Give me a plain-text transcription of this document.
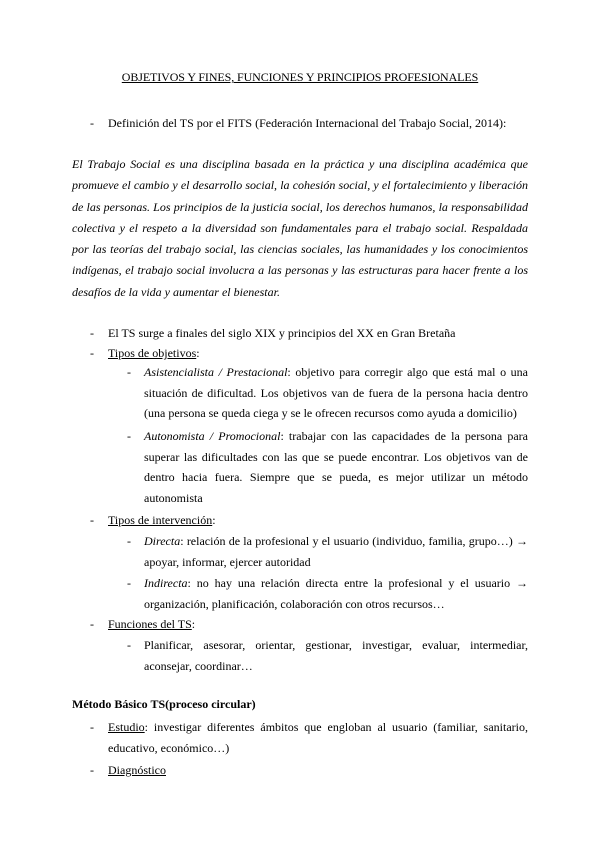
OBJETIVOS Y FINES, FUNCIONES Y PRINCIPIOS PROFESIONALES
- Definición del TS por el FITS (Federación Internacional del Trabajo Social, 2014):
El Trabajo Social es una disciplina basada en la práctica y una disciplina académica que promueve el cambio y el desarrollo social, la cohesión social, y el fortalecimiento y liberación de las personas. Los principios de la justicia social, los derechos humanos, la responsabilidad colectiva y el respeto a la diversidad son fundamentales para el trabajo social. Respaldada por las teorías del trabajo social, las ciencias sociales, las humanidades y los conocimientos indígenas, el trabajo social involucra a las personas y las estructuras para hacer frente a los desafíos de la vida y aumentar el bienestar.
- El TS surge a finales del siglo XIX y principios del XX en Gran Bretaña
- Tipos de objetivos:
- Asistencialista / Prestacional: objetivo para corregir algo que está mal o una situación de dificultad. Los objetivos van de fuera de la persona hacia dentro (una persona se queda ciega y se le ofrecen recursos como ayuda a domicilio)
- Autonomista / Promocional: trabajar con las capacidades de la persona para superar las dificultades con las que se puede encontrar. Los objetivos van de dentro hacia fuera. Siempre que se pueda, es mejor utilizar un método autonomista
- Tipos de intervención:
- Directa: relación de la profesional y el usuario (individuo, familia, grupo…) → apoyar, informar, ejercer autoridad
- Indirecta: no hay una relación directa entre la profesional y el usuario → organización, planificación, colaboración con otros recursos…
- Funciones del TS:
- Planificar, asesorar, orientar, gestionar, investigar, evaluar, intermediar, aconsejar, coordinar…
Método Básico TS(proceso circular)
- Estudio: investigar diferentes ámbitos que engloban al usuario (familiar, sanitario, educativo, económico…)
- Diagnóstico
